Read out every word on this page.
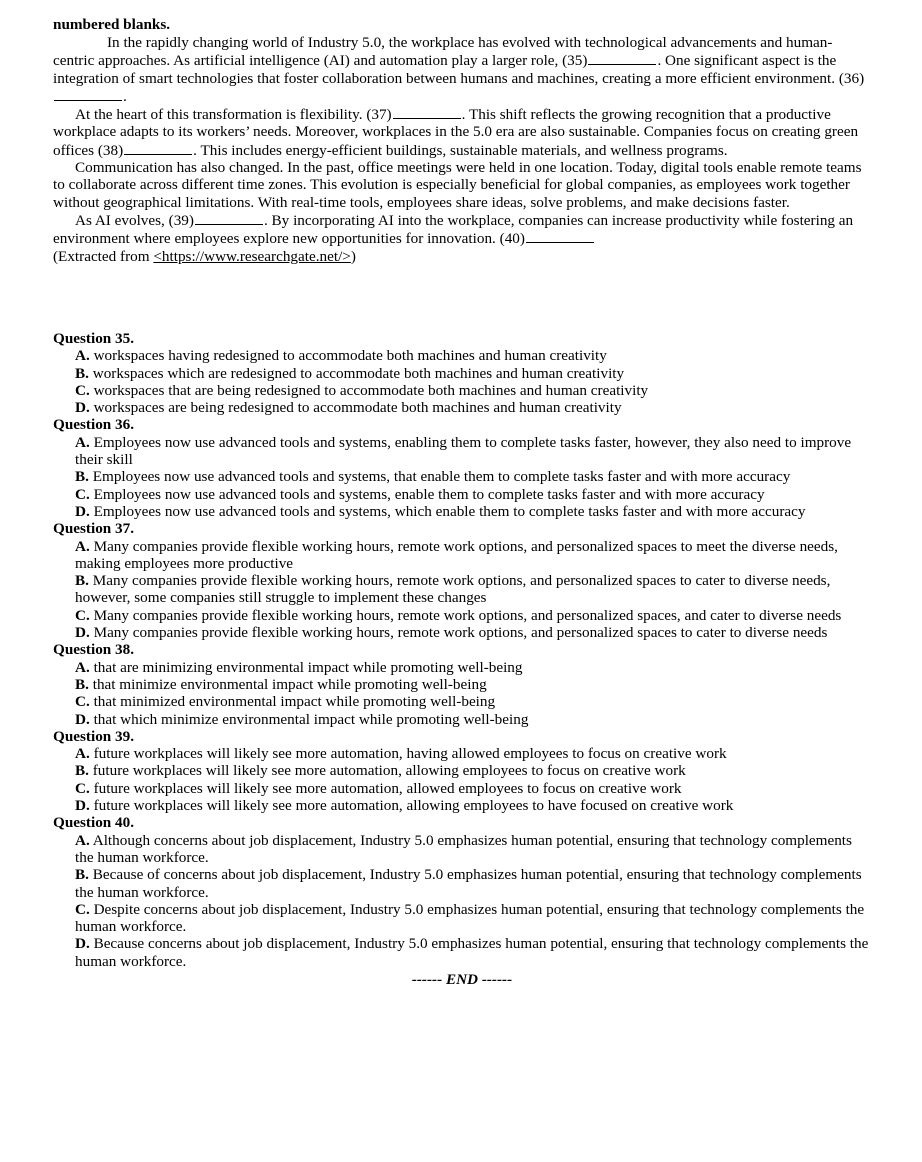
numbered blanks.

In the rapidly changing world of Industry 5.0, the workplace has evolved with technological advancements and human-centric approaches. As artificial intelligence (AI) and automation play a larger role, (35)	. One significant aspect is the integration of smart technologies that foster collaboration between humans and machines, creating a more efficient environment. (36).

At the heart of this transformation is flexibility. (37)	. This shift reflects the growing recognition that a productive workplace adapts to its workers’ needs. Moreover, workplaces in the 5.0 era are also sustainable. Companies focus on creating green offices (38)	. This includes energy-efficient buildings, sustainable materials, and wellness programs.

Communication has also changed. In the past, office meetings were held in one location. Today, digital tools enable remote teams to collaborate across different time zones. This evolution is especially beneficial for global companies, as employees work together without geographical limitations. With real-time tools, employees share ideas, solve problems, and make decisions faster.

As AI evolves, (39)	. By incorporating AI into the workplace, companies can increase productivity while fostering an environment where employees explore new opportunities for innovation. (40)

(Extracted from <https://www.researchgate.net/>)

Question 35.

A. workspaces having redesigned to accommodate both machines and human creativity

B. workspaces which are redesigned to accommodate both machines and human creativity

C. workspaces that are being redesigned to accommodate both machines and human creativity

D. workspaces are being redesigned to accommodate both machines and human creativity

Question 36.

A. Employees now use advanced tools and systems, enabling them to complete tasks faster, however, they also need to improve their skill

B. Employees now use advanced tools and systems, that enable them to complete tasks faster and with more accuracy

C. Employees now use advanced tools and systems, enable them to complete tasks faster and with more accuracy

D. Employees now use advanced tools and systems, which enable them to complete tasks faster and with more accuracy

Question 37.

A. Many companies provide flexible working hours, remote work options, and personalized spaces to meet the diverse needs, making employees more productive

B. Many companies provide flexible working hours, remote work options, and personalized spaces to cater to diverse needs, however, some companies still struggle to implement these changes

C. Many companies provide flexible working hours, remote work options, and personalized spaces, and cater to diverse needs

D. Many companies provide flexible working hours, remote work options, and personalized spaces to cater to diverse needs

Question 38.

A. that are minimizing environmental impact while promoting well-being

B. that minimize environmental impact while promoting well-being

C. that minimized environmental impact while promoting well-being

D. that which minimize environmental impact while promoting well-being

Question 39.

A. future workplaces will likely see more automation, having allowed employees to focus on creative work

B. future workplaces will likely see more automation, allowing employees to focus on creative work

C. future workplaces will likely see more automation, allowed employees to focus on creative work

D. future workplaces will likely see more automation, allowing employees to have focused on creative work

Question 40.

A. Although concerns about job displacement, Industry 5.0 emphasizes human potential, ensuring that technology complements the human workforce.

B. Because of concerns about job displacement, Industry 5.0 emphasizes human potential, ensuring that technology complements the human workforce.

C. Despite concerns about job displacement, Industry 5.0 emphasizes human potential, ensuring that technology complements the human workforce.

D. Because concerns about job displacement, Industry 5.0 emphasizes human potential, ensuring that technology complements the human workforce.

------ END ------
